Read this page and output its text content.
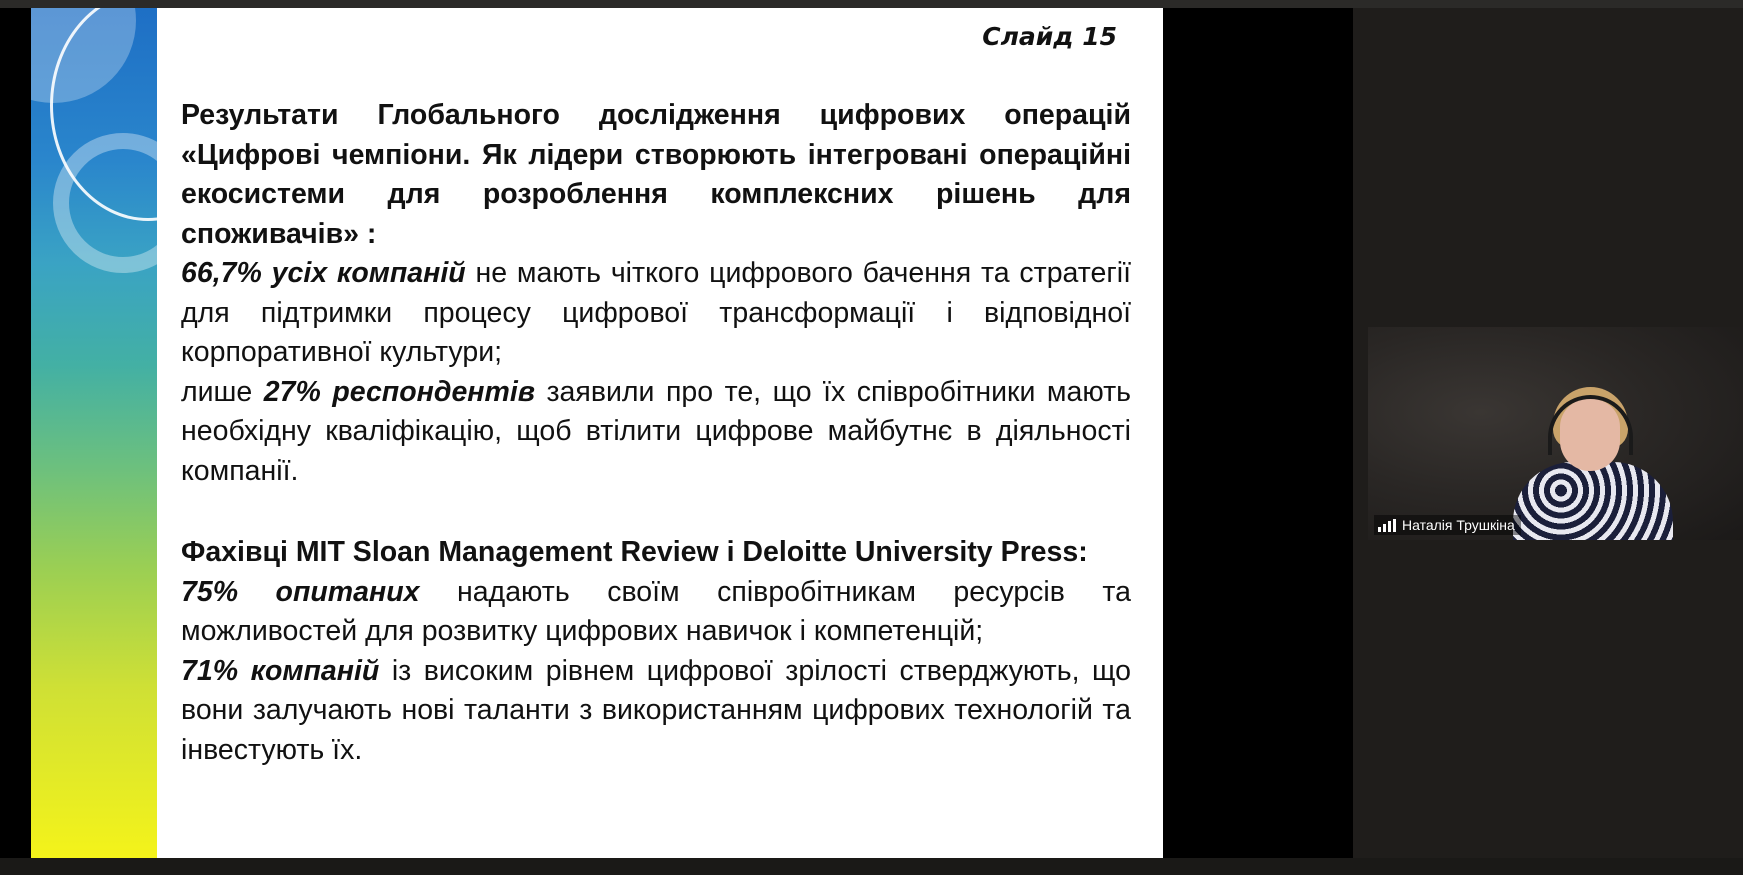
Слайд 15

Результати Глобального дослідження цифрових операцій «Цифрові чемпіони. Як лідери створюють інтегровані операційні екосистеми для розроблення комплексних рішень для споживачів» :

66,7% усіх компаній не мають чіткого цифрового бачення та стратегії для підтримки процесу цифрової трансформації і відповідної корпоративної культури;

лише 27% респондентів заявили про те, що їх співробітники мають необхідну кваліфікацію, щоб втілити цифрове майбутнє в діяльності компанії.

Фахівці MIT Sloan Management Review і Deloitte University Press:

75% опитаних надають своїм співробітникам ресурсів та можливостей для розвитку цифрових навичок і компетенцій;

71% компаній із високим рівнем цифрової зрілості стверджують, що вони залучають нові таланти з використанням цифрових технологій та інвестують їх.

Наталія Трушкіна
